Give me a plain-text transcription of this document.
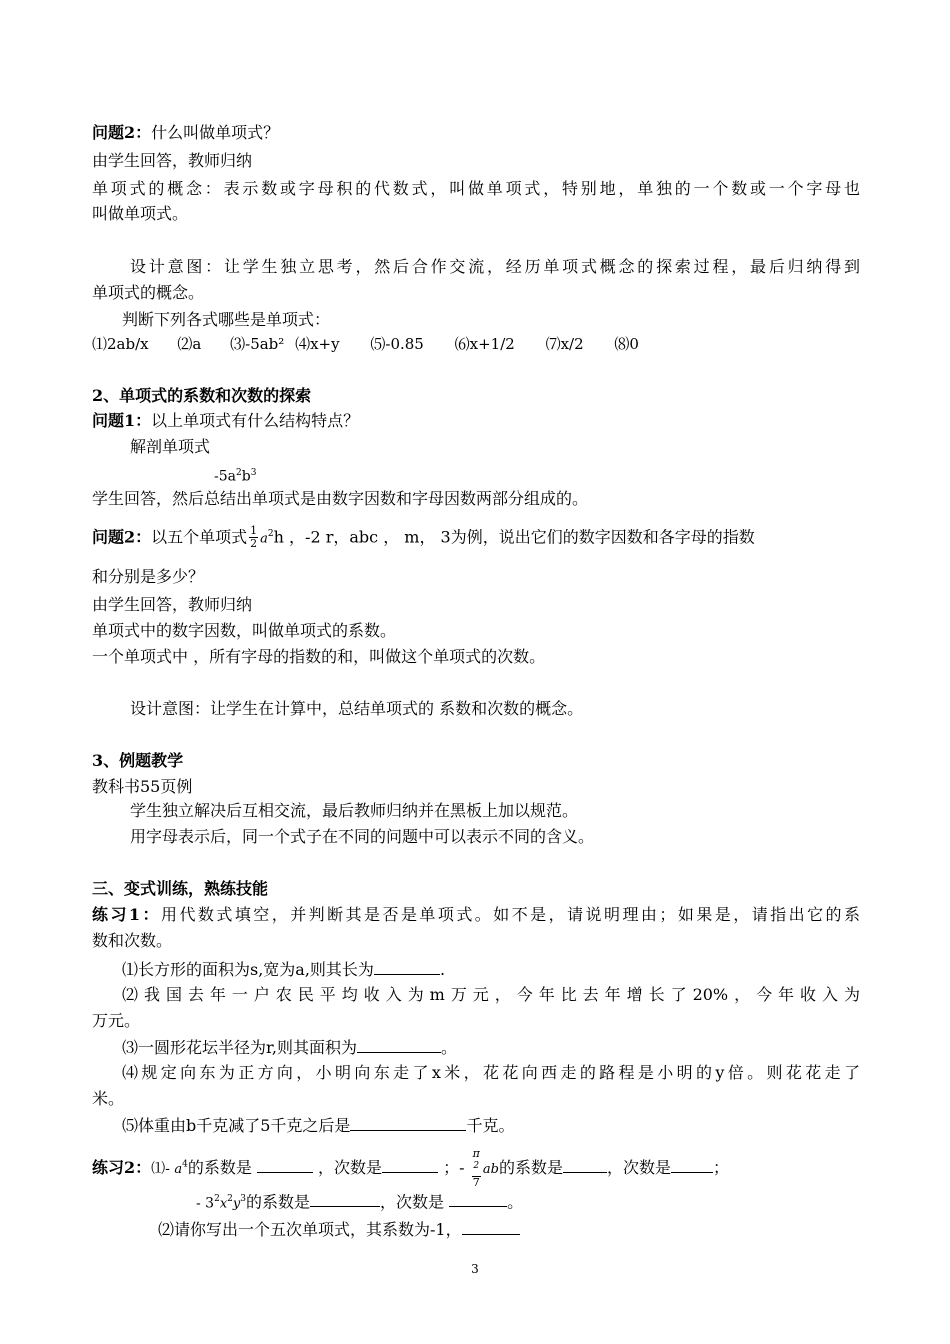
问题2：什么叫做单项式？
由学生回答，教师归纳
单项式的概念：表示数或字母积的代数式，叫做单项式，特别地，单独的一个数或一个字母也
叫做单项式。
设计意图：让学生独立思考，然后合作交流，经历单项式概念的探索过程，最后归纳得到
单项式的概念。
判断下列各式哪些是单项式：
⑴2ab/x ⑵a ⑶-5ab² ⑷x+y ⑸-0.85 ⑹x+1/2 ⑺x/2 ⑻0
2、单项式的系数和次数的探索
问题1：以上单项式有什么结构特点？
解剖单项式
$-5a^2b^3$
学生回答，然后总结出单项式是由数字因数和字母因数两部分组成的。
问题2：以五个单项式 $\frac{1}{2} a^2h$ ，-2 r，abc ， m， 3为例，说出它们的数字因数和各字母的指数
和分别是多少？
由学生回答，教师归纳
单项式中的数字因数，叫做单项式的系数。
一个单项式中 ，所有字母的指数的和，叫做这个单项式的次数。
设计意图：让学生在计算中，总结单项式的 系数和次数的概念。
3、例题教学
教科书55页例
学生独立解决后互相交流，最后教师归纳并在黑板上加以规范。
用字母表示后，同一个式子在不同的问题中可以表示不同的含义。
三、变式训练，熟练技能
练习1：用代数式填空，并判断其是否是单项式。如不是，请说明理由；如果是，请指出它的系
数和次数。
⑴长方形的面积为s,宽为a,则其长为	.
⑵我国去年一户农民平均收入为m万元，今年比去年增长了20%，今年收入为
万元。
⑶一圆形花坛半径为r,则其面积为	。
⑷规定向东为正方向，小明向东走了x米，花花向西走的路程是小明的y倍。则花花走了
米。
⑸体重由b千克减了5千克之后是	千克。
练习2：⑴- $a^4$的系数是	，次数是	；- π
$^2$
7 ab的系数是	，次数是	；
- $3^2x^2y^3$的系数是	，次数是	。
⑵请你写出一个五次单项式，其系数为-1，
3
